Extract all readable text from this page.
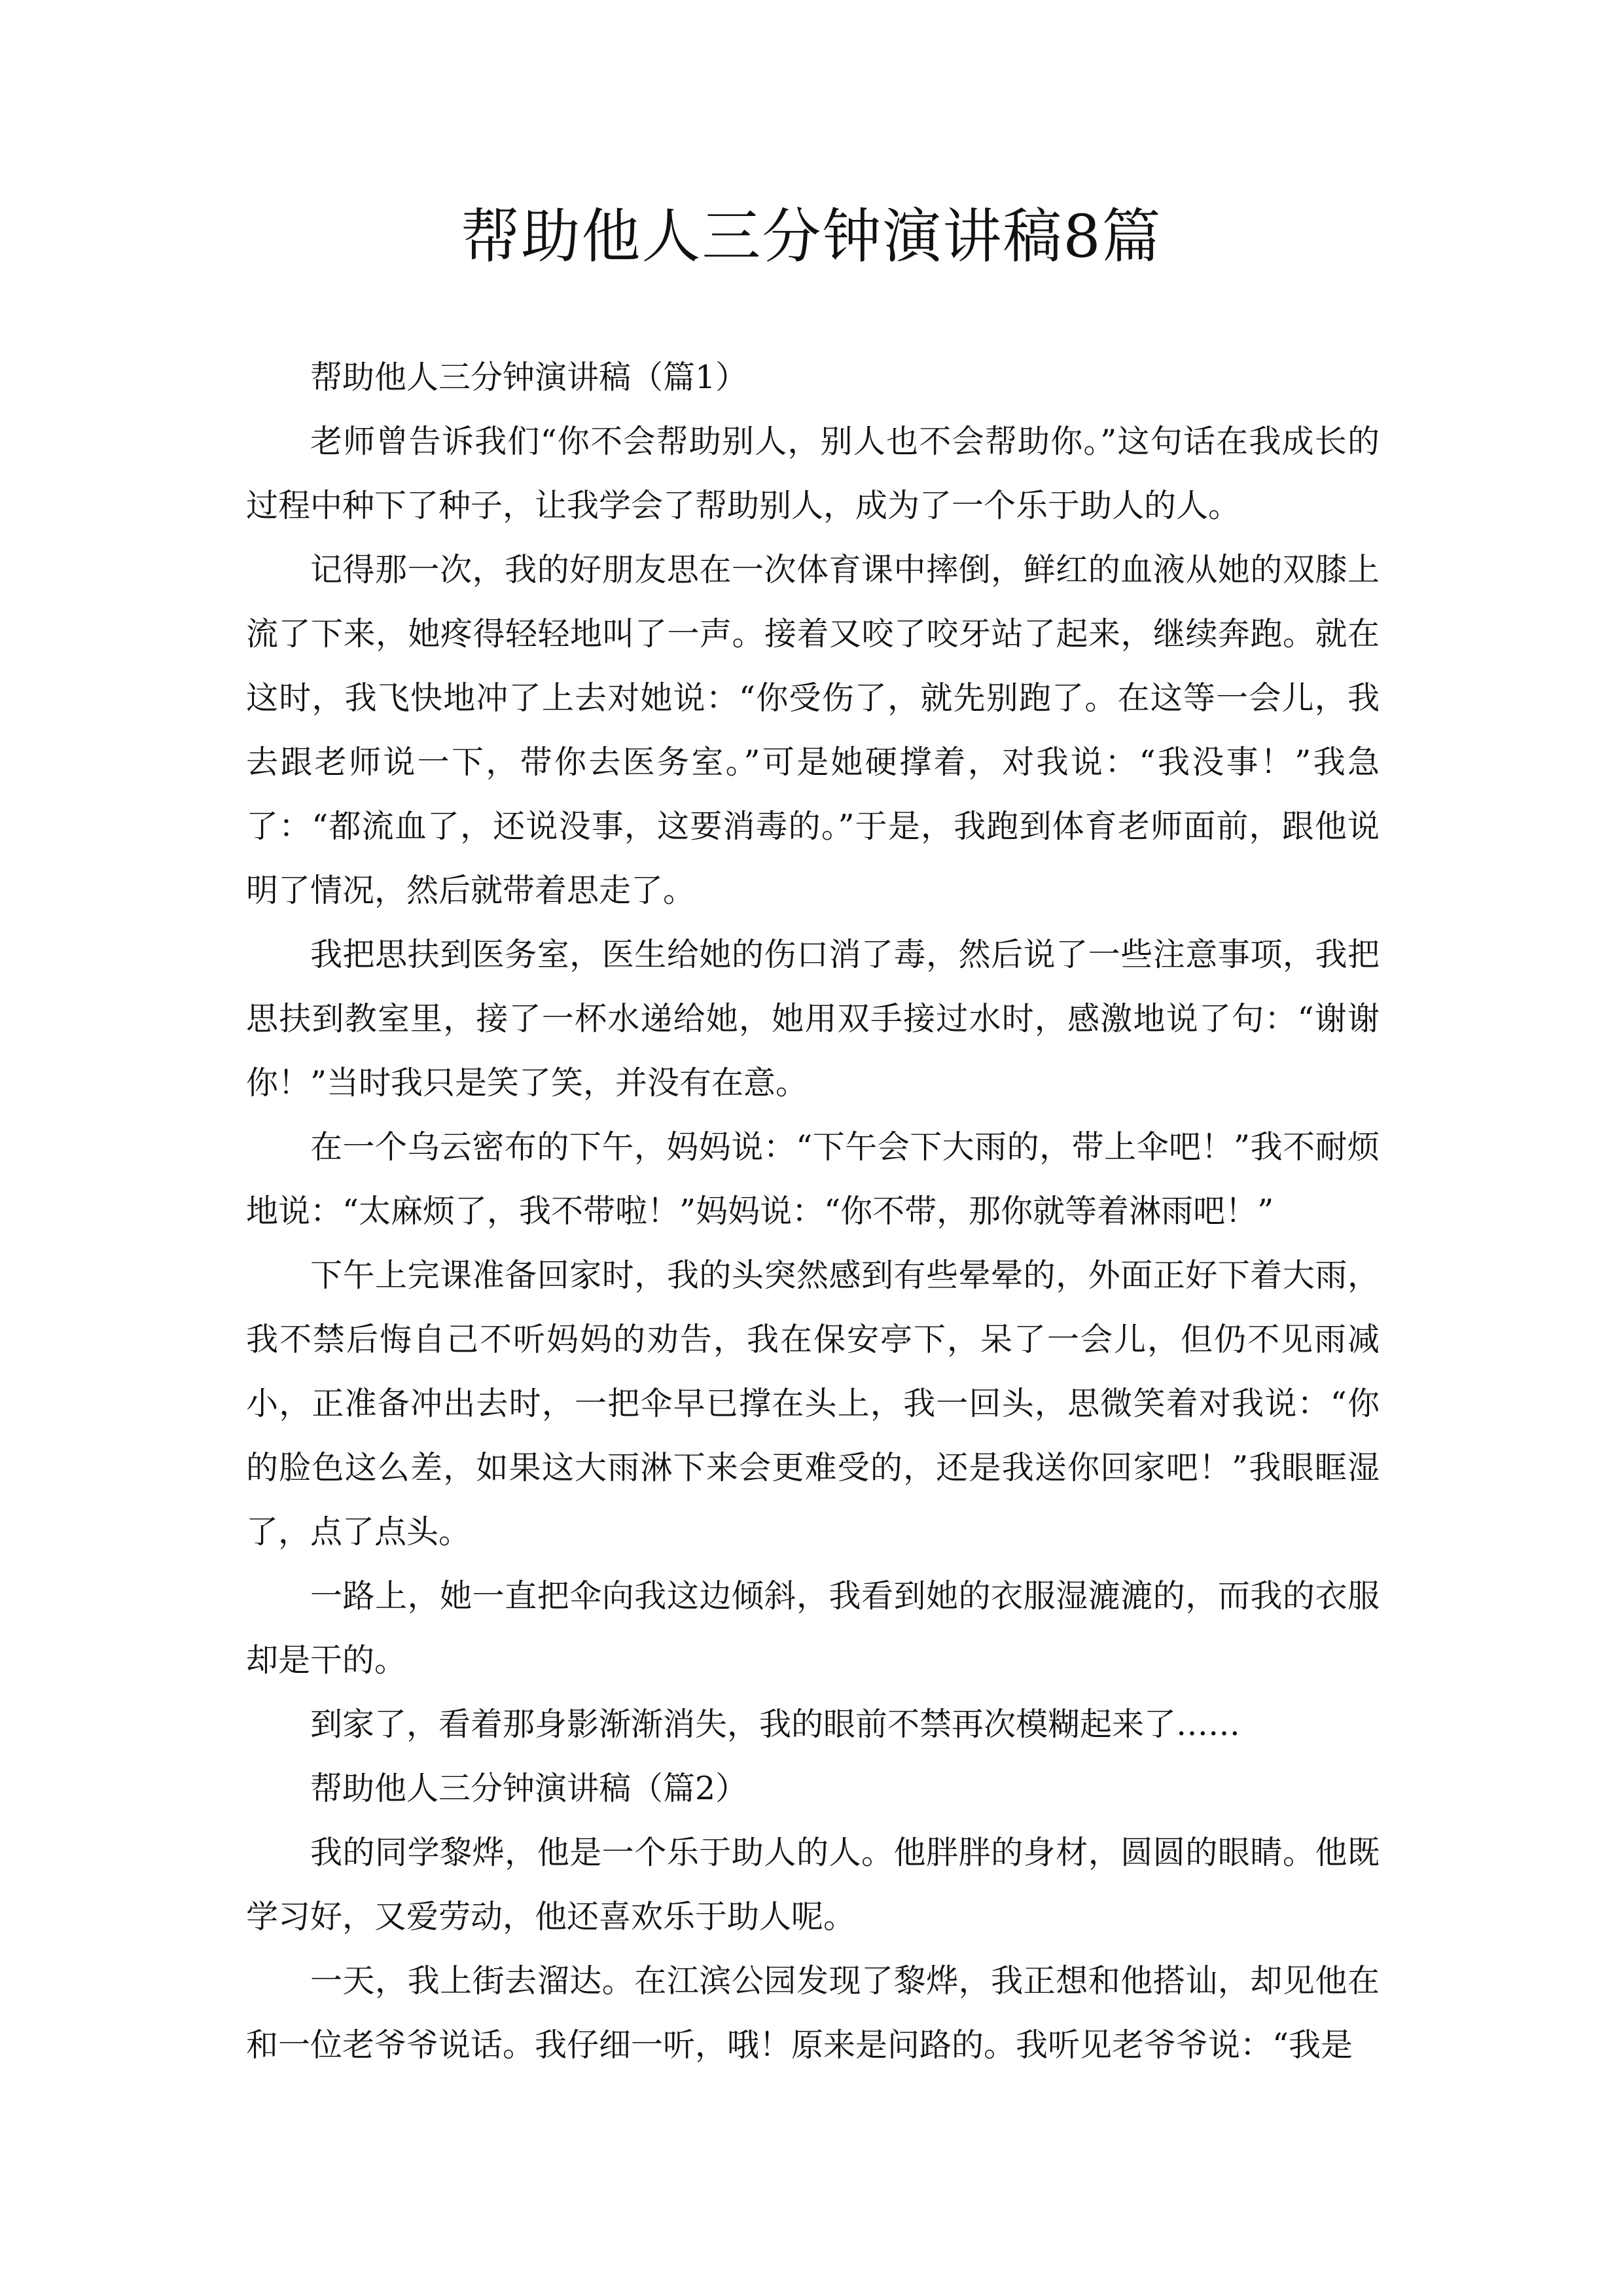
帮助他人三分钟演讲稿8篇

帮助他人三分钟演讲稿（篇1）

老师曾告诉我们“你不会帮助别人，别人也不会帮助你。”这句话在我成长的过程中种下了种子，让我学会了帮助别人，成为了一个乐于助人的人。

记得那一次，我的好朋友思在一次体育课中摔倒，鲜红的血液从她的双膝上流了下来，她疼得轻轻地叫了一声。接着又咬了咬牙站了起来，继续奔跑。就在这时，我飞快地冲了上去对她说：“你受伤了，就先别跑了。在这等一会儿，我去跟老师说一下，带你去医务室。”可是她硬撑着，对我说：“我没事！”我急了：“都流血了，还说没事，这要消毒的。”于是，我跑到体育老师面前，跟他说明了情况，然后就带着思走了。

我把思扶到医务室，医生给她的伤口消了毒，然后说了一些注意事项，我把思扶到教室里，接了一杯水递给她，她用双手接过水时，感激地说了句：“谢谢你！”当时我只是笑了笑，并没有在意。

在一个乌云密布的下午，妈妈说：“下午会下大雨的，带上伞吧！”我不耐烦地说：“太麻烦了，我不带啦！”妈妈说：“你不带，那你就等着淋雨吧！”

下午上完课准备回家时，我的头突然感到有些晕晕的，外面正好下着大雨，我不禁后悔自己不听妈妈的劝告，我在保安亭下，呆了一会儿，但仍不见雨减小，正准备冲出去时，一把伞早已撑在头上，我一回头，思微笑着对我说：“你的脸色这么差，如果这大雨淋下来会更难受的，还是我送你回家吧！”我眼眶湿了，点了点头。

一路上，她一直把伞向我这边倾斜，我看到她的衣服湿漉漉的，而我的衣服却是干的。

到家了，看着那身影渐渐消失，我的眼前不禁再次模糊起来了……

帮助他人三分钟演讲稿（篇2）

我的同学黎烨，他是一个乐于助人的人。他胖胖的身材，圆圆的眼睛。他既学习好，又爱劳动，他还喜欢乐于助人呢。

一天，我上街去溜达。在江滨公园发现了黎烨，我正想和他搭讪，却见他在和一位老爷爷说话。我仔细一听，哦！原来是问路的。我听见老爷爷说：“我是
